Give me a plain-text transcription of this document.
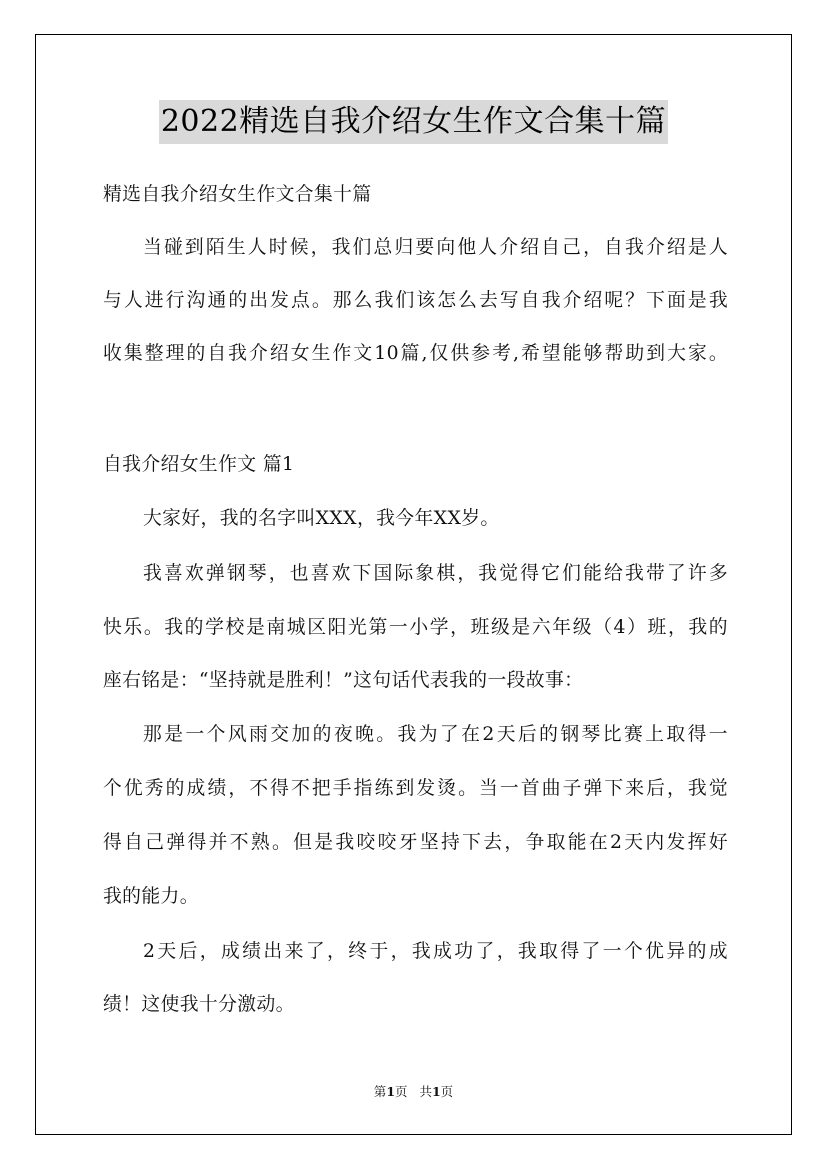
2022精选自我介绍女生作文合集十篇
精选自我介绍女生作文合集十篇
当碰到陌生人时候，我们总归要向他人介绍自己，自我介绍是人
与人进行沟通的出发点。那么我们该怎么去写自我介绍呢？下面是我
收集整理的自我介绍女生作文10篇,仅供参考,希望能够帮助到大家。
自我介绍女生作文 篇1
大家好，我的名字叫XXX，我今年XX岁。
我喜欢弹钢琴，也喜欢下国际象棋，我觉得它们能给我带了许多
快乐。我的学校是南城区阳光第一小学，班级是六年级（4）班，我的
座右铭是：“坚持就是胜利！”这句话代表我的一段故事：
那是一个风雨交加的夜晚。我为了在2天后的钢琴比赛上取得一
个优秀的成绩，不得不把手指练到发烫。当一首曲子弹下来后，我觉
得自己弹得并不熟。但是我咬咬牙坚持下去，争取能在2天内发挥好
我的能力。
2天后，成绩出来了，终于，我成功了，我取得了一个优异的成
绩！这使我十分激动。
第1页 共1页
